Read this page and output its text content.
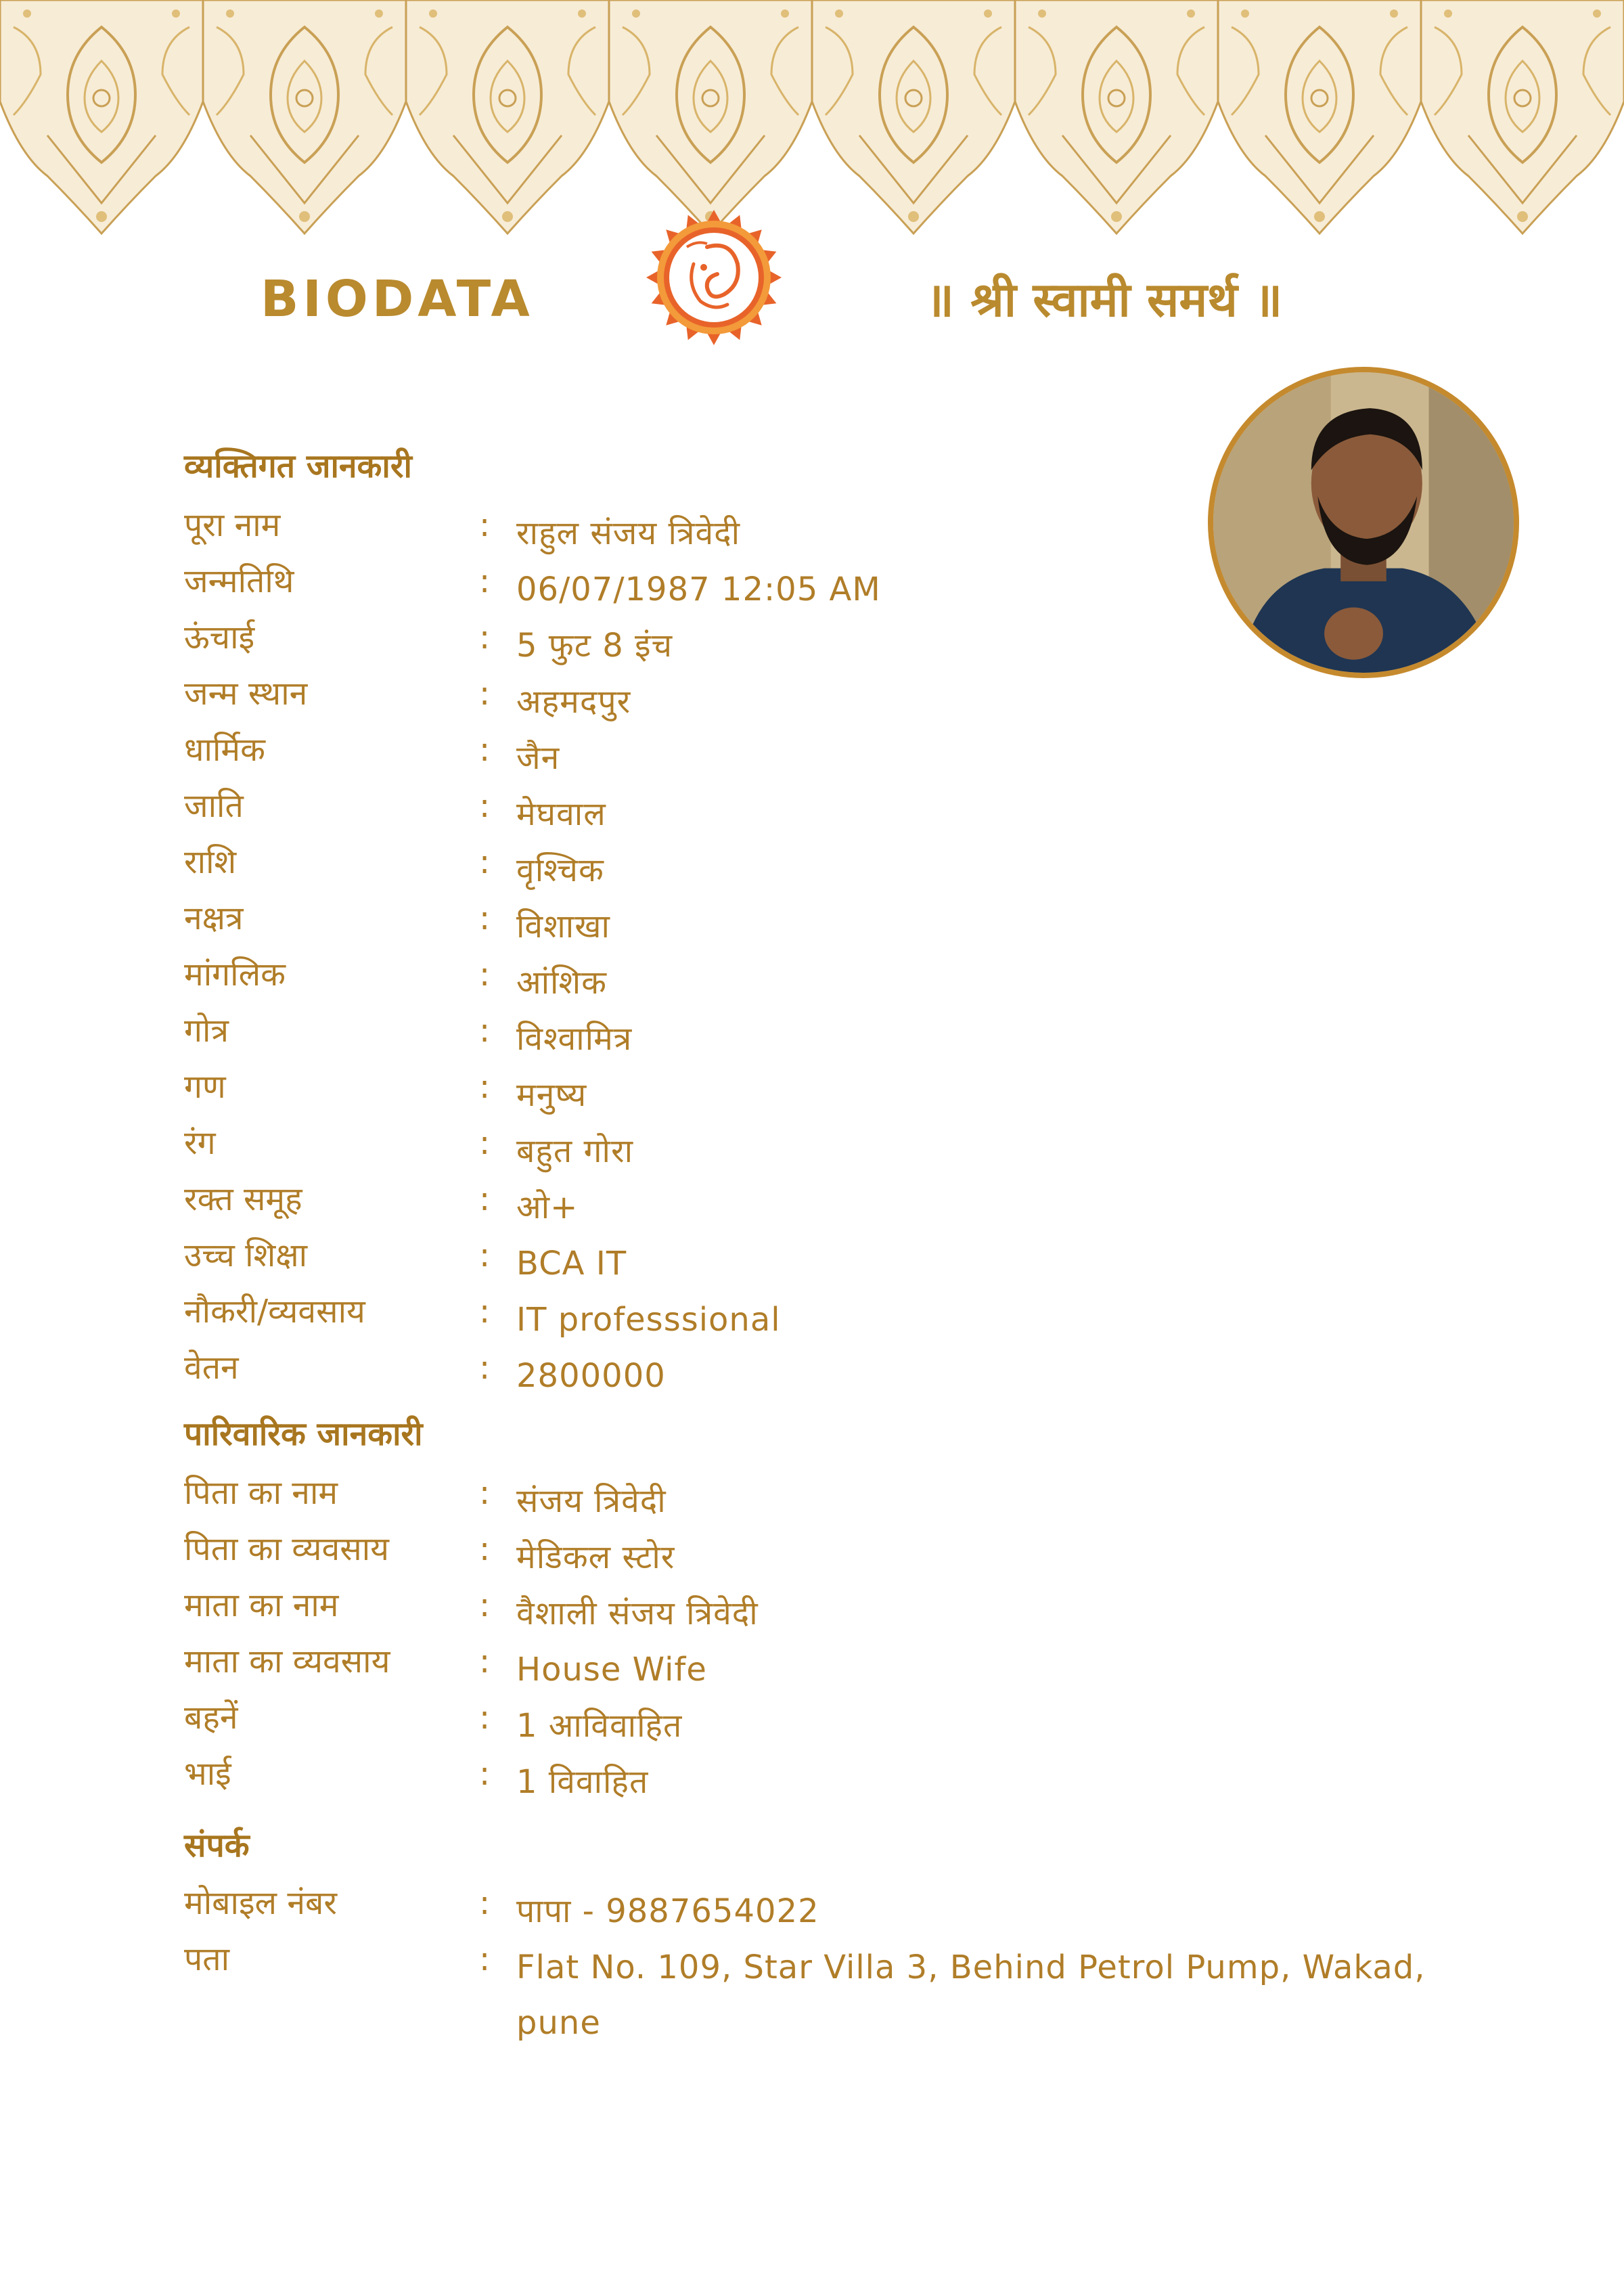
BIODATA	॥ श्री स्वामी समर्थ ॥
व्यक्तिगत जानकारी
पूरा नाम	: राहुल संजय त्रिवेदी
जन्मतिथि	: 06/07/1987 12:05 AM
ऊंचाई	: 5 फुट 8 इंच
जन्म स्थान	: अहमदपुर
धार्मिक	: जैन
जाति	: मेघवाल
राशि	: वृश्चिक
नक्षत्र	: विशाखा
मांगलिक	: आंशिक
गोत्र	: विश्वामित्र
गण	: मनुष्य
रंग	: बहुत गोरा
रक्त समूह	: ओ+
उच्च शिक्षा	: BCA IT
नौकरी/व्यवसाय	: IT professsional
वेतन	: 2800000
पारिवारिक जानकारी
पिता का नाम	: संजय त्रिवेदी
पिता का व्यवसाय	: मेडिकल स्टोर
माता का नाम	: वैशाली संजय त्रिवेदी
माता का व्यवसाय	: House Wife
बहनें	: 1 आविवाहित
भाई	: 1 विवाहित
संपर्क
मोबाइल नंबर	: पापा - 9887654022
पता	: Flat No. 109, Star Villa 3, Behind Petrol Pump, Wakad, pune
